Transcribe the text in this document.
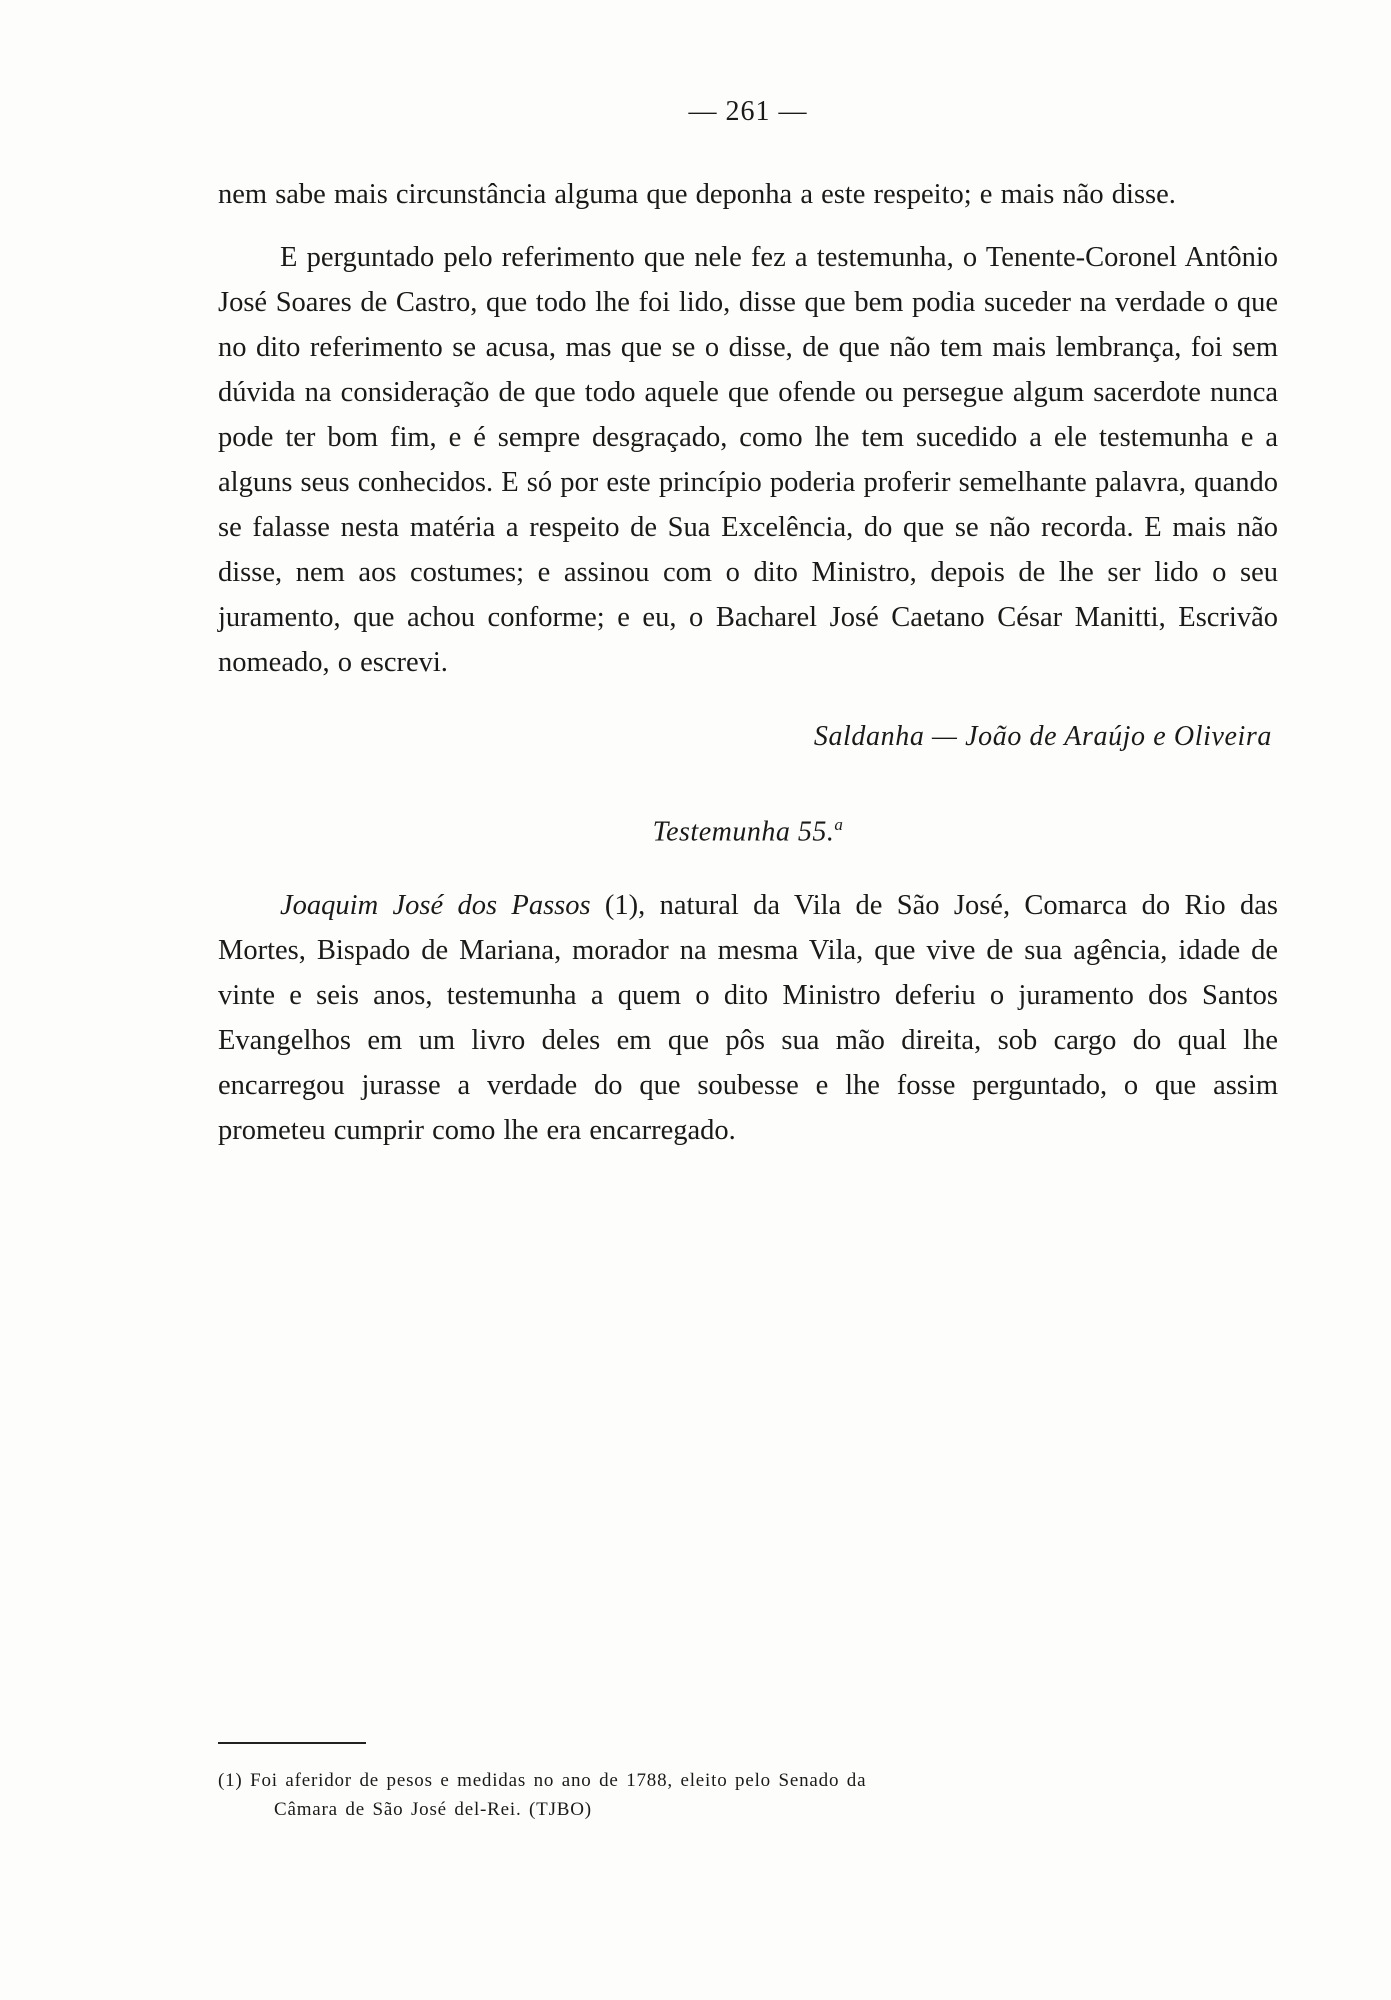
— 261 —

nem sabe mais circunstância alguma que deponha a este respeito; e mais não disse.

E perguntado pelo referimento que nele fez a testemunha, o Tenente-Coronel Antônio José Soares de Castro, que todo lhe foi lido, disse que bem podia suceder na verdade o que no dito referimento se acusa, mas que se o disse, de que não tem mais lembrança, foi sem dúvida na consideração de que todo aquele que ofende ou persegue algum sacerdote nunca pode ter bom fim, e é sempre desgraçado, como lhe tem sucedido a ele testemunha e a alguns seus conhecidos. E só por este princípio poderia proferir semelhante palavra, quando se falasse nesta matéria a respeito de Sua Excelência, do que se não recorda. E mais não disse, nem aos costumes; e assinou com o dito Ministro, depois de lhe ser lido o seu juramento, que achou conforme; e eu, o Bacharel José Caetano César Manitti, Escrivão nomeado, o escrevi.

Saldanha — João de Araújo e Oliveira
Testemunha 55.$^a$

Joaquim José dos Passos (1), natural da Vila de São José, Comarca do Rio das Mortes, Bispado de Mariana, morador na mesma Vila, que vive de sua agência, idade de vinte e seis anos, testemunha a quem o dito Ministro deferiu o juramento dos Santos Evangelhos em um livro deles em que pôs sua mão direita, sob cargo do qual lhe encarregou jurasse a verdade do que soubesse e lhe fosse perguntado, o que assim prometeu cumprir como lhe era encarregado.

(1) Foi aferidor de pesos e medidas no ano de 1788, eleito pelo Senado da
Câmara de São José del-Rei. (TJBO)
